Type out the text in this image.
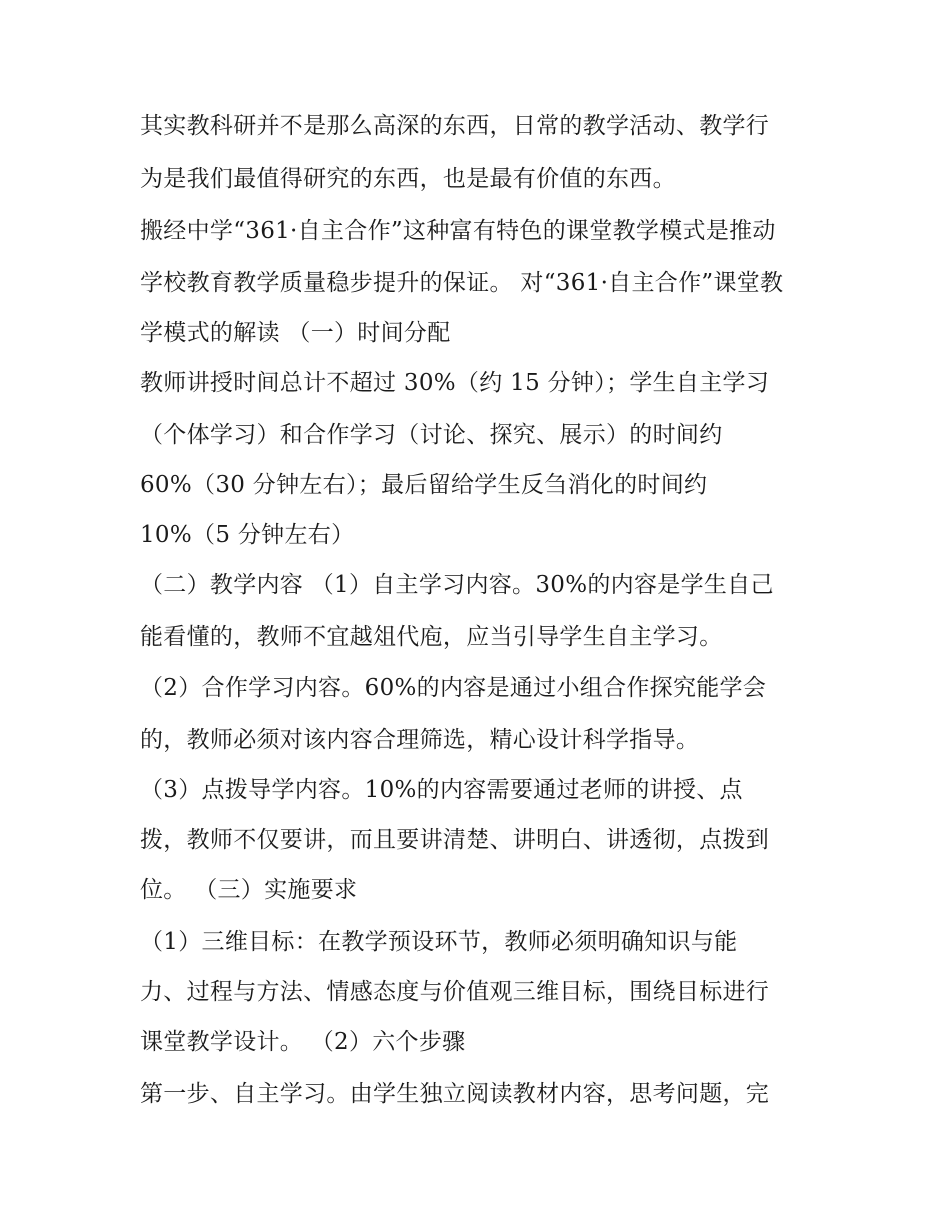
其实教科研并不是那么高深的东西，日常的教学活动、教学行
为是我们最值得研究的东西，也是最有价值的东西。
搬经中学“361·自主合作”这种富有特色的课堂教学模式是推动
学校教育教学质量稳步提升的保证。 对“361·自主合作”课堂教
学模式的解读 （一）时间分配
教师讲授时间总计不超过 30%（约 15 分钟）；学生自主学习
（个体学习）和合作学习（讨论、探究、展示）的时间约
60%（30 分钟左右）；最后留给学生反刍消化的时间约
10%（5 分钟左右）
（二）教学内容 （1）自主学习内容。30%的内容是学生自己
能看懂的，教师不宜越俎代庖，应当引导学生自主学习。
（2）合作学习内容。60%的内容是通过小组合作探究能学会
的，教师必须对该内容合理筛选，精心设计科学指导。
（3）点拨导学内容。10%的内容需要通过老师的讲授、点
拨，教师不仅要讲，而且要讲清楚、讲明白、讲透彻，点拨到
位。 （三）实施要求
（1）三维目标：在教学预设环节，教师必须明确知识与能
力、过程与方法、情感态度与价值观三维目标，围绕目标进行
课堂教学设计。 （2）六个步骤
第一步、自主学习。由学生独立阅读教材内容，思考问题，完
